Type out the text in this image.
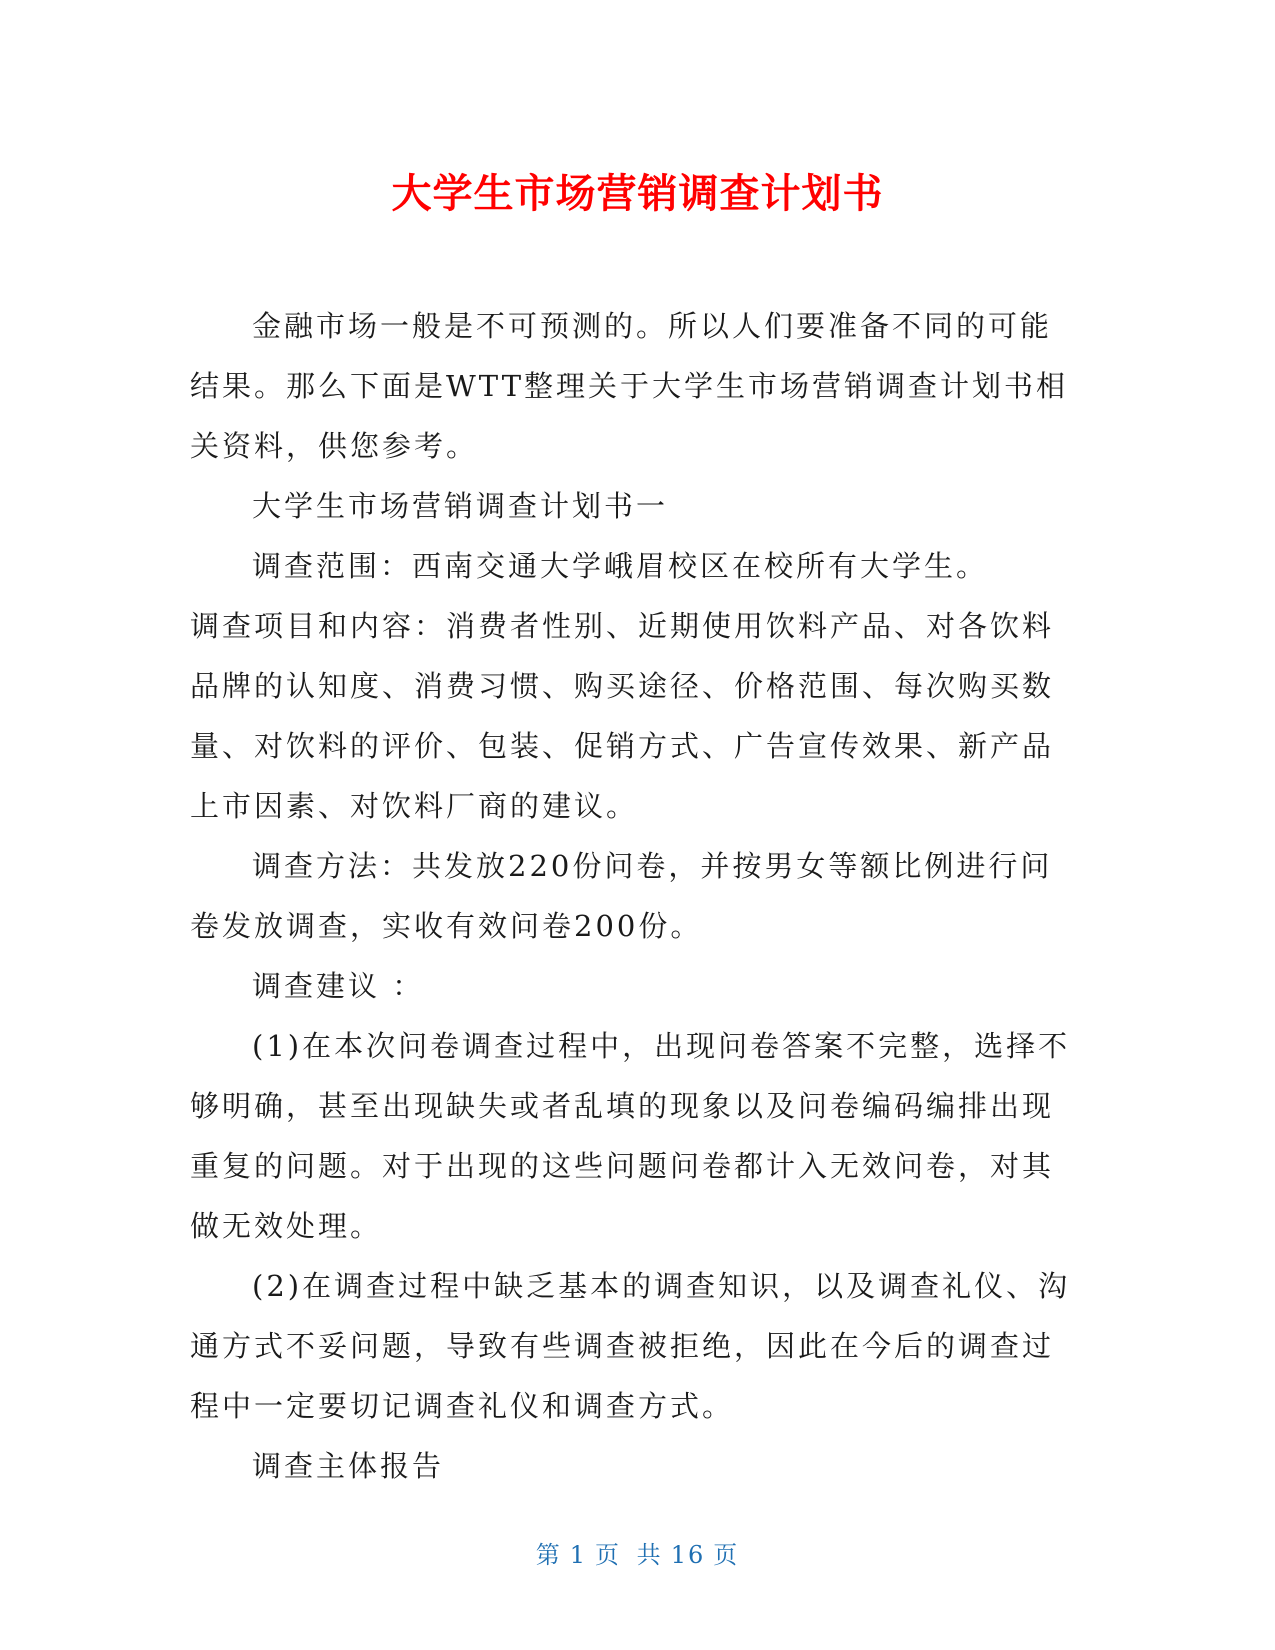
大学生市场营销调查计划书

金融市场一般是不可预测的。所以人们要准备不同的可能结果。那么下面是WTT整理关于大学生市场营销调查计划书相关资料，供您参考。

大学生市场营销调查计划书一

调查范围：西南交通大学峨眉校区在校所有大学生。

调查项目和内容：消费者性别、近期使用饮料产品、对各饮料品牌的认知度、消费习惯、购买途径、价格范围、每次购买数量、对饮料的评价、包装、促销方式、广告宣传效果、新产品上市因素、对饮料厂商的建议。

调查方法：共发放220份问卷，并按男女等额比例进行问卷发放调查，实收有效问卷200份。

调查建议 ：

(1)在本次问卷调查过程中，出现问卷答案不完整，选择不够明确，甚至出现缺失或者乱填的现象以及问卷编码编排出现重复的问题。对于出现的这些问题问卷都计入无效问卷，对其做无效处理。

(2)在调查过程中缺乏基本的调查知识，以及调查礼仪、沟通方式不妥问题，导致有些调查被拒绝，因此在今后的调查过程中一定要切记调查礼仪和调查方式。

调查主体报告

第 1 页 共 16 页
